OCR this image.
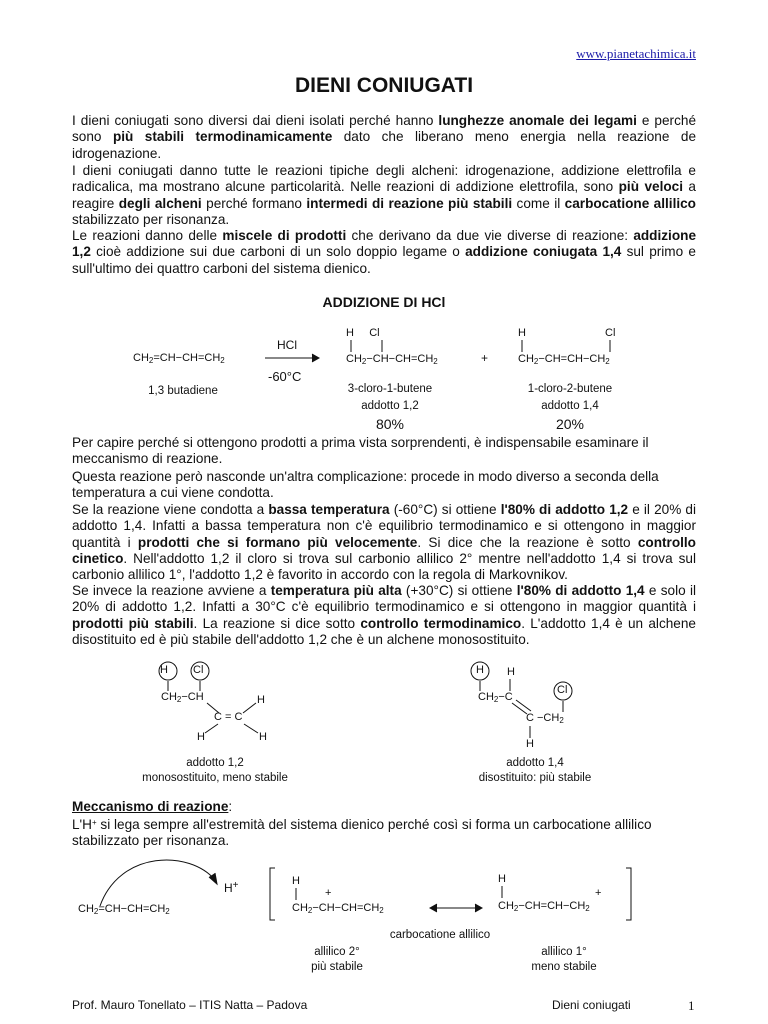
www.pianetachimica.it
DIENI CONIUGATI
I dieni coniugati sono diversi dai dieni isolati perché hanno lunghezze anomale dei legami e perché sono più stabili termodinamicamente dato che liberano meno energia nella reazione de idrogenazione.
I dieni coniugati danno tutte le reazioni tipiche degli alcheni: idrogenazione, addizione elettrofila e radicalica, ma mostrano alcune particolarità. Nelle reazioni di addizione elettrofila, sono più veloci a reagire degli alcheni perché formano intermedi di reazione più stabili come il carbocatione allilico stabilizzato per risonanza.
Le reazioni danno delle miscele di prodotti che derivano da due vie diverse di reazione: addizione 1,2 cioè addizione sui due carboni di un solo doppio legame o addizione coniugata 1,4 sul primo e sull'ultimo dei quattro carboni del sistema dienico.
ADDIZIONE DI HCl
$CH_2=CH-CH=CH_2$
1,3 butadiene
HCl
-60°C
H     Cl
$CH_2-CH-CH=CH_2$
3-cloro-1-butene
addotto 1,2
80%
+
H	Cl
$CH_2-CH=CH-CH_2$
1-cloro-2-butene
addotto 1,4
20%
Per capire perché si ottengono prodotti a prima vista sorprendenti, è indispensabile esaminare il meccanismo di reazione.
Questa reazione però nasconde un'altra complicazione: procede in modo diverso a seconda della temperatura a cui viene condotta.
Se la reazione viene condotta a bassa temperatura (-60°C) si ottiene l'80% di addotto 1,2 e il 20% di addotto 1,4. Infatti a bassa temperatura non c'è equilibrio termodinamico e si ottengono in maggior quantità i prodotti che si formano più velocemente. Si dice che la reazione è sotto controllo cinetico. Nell'addotto 1,2 il cloro si trova sul carbonio allilico 2° mentre nell'addotto 1,4 si trova sul carbonio allilico 1°, l'addotto 1,2 è favorito in accordo con la regola di Markovnikov.
Se invece la reazione avviene a temperatura più alta (+30°C) si ottiene l'80% di addotto 1,4 e solo il 20% di addotto 1,2. Infatti a 30°C c'è equilibrio termodinamico e si ottengono in maggior quantità i prodotti più stabili. La reazione si dice sotto controllo termodinamico. L'addotto 1,4 è un alchene disostituito ed è più stabile dell'addotto 1,2 che è un alchene monosostituito.
H Cl
$CH_2-CH$	H
C = C
H	H
addotto 1,2
monosostituito, meno stabile
H H
$CH_2-C$
Cl
$C -CH_2$
H
addotto 1,4
disostituito: più stabile
Meccanismo di reazione:
L'H+ si lega sempre all'estremità del sistema dienico perché così si forma un carbocatione allilico stabilizzato per risonanza.
$CH_2=CH-CH=CH_2$
H+	H
+
$CH_2-CH-CH=CH_2$
H
+
$CH_2-CH=CH-CH_2$
carbocatione allilico
allilico 2°
più stabile
allilico 1°
meno stabile
Prof. Mauro Tonellato – ITIS Natta – Padova	Dieni coniugati	1
